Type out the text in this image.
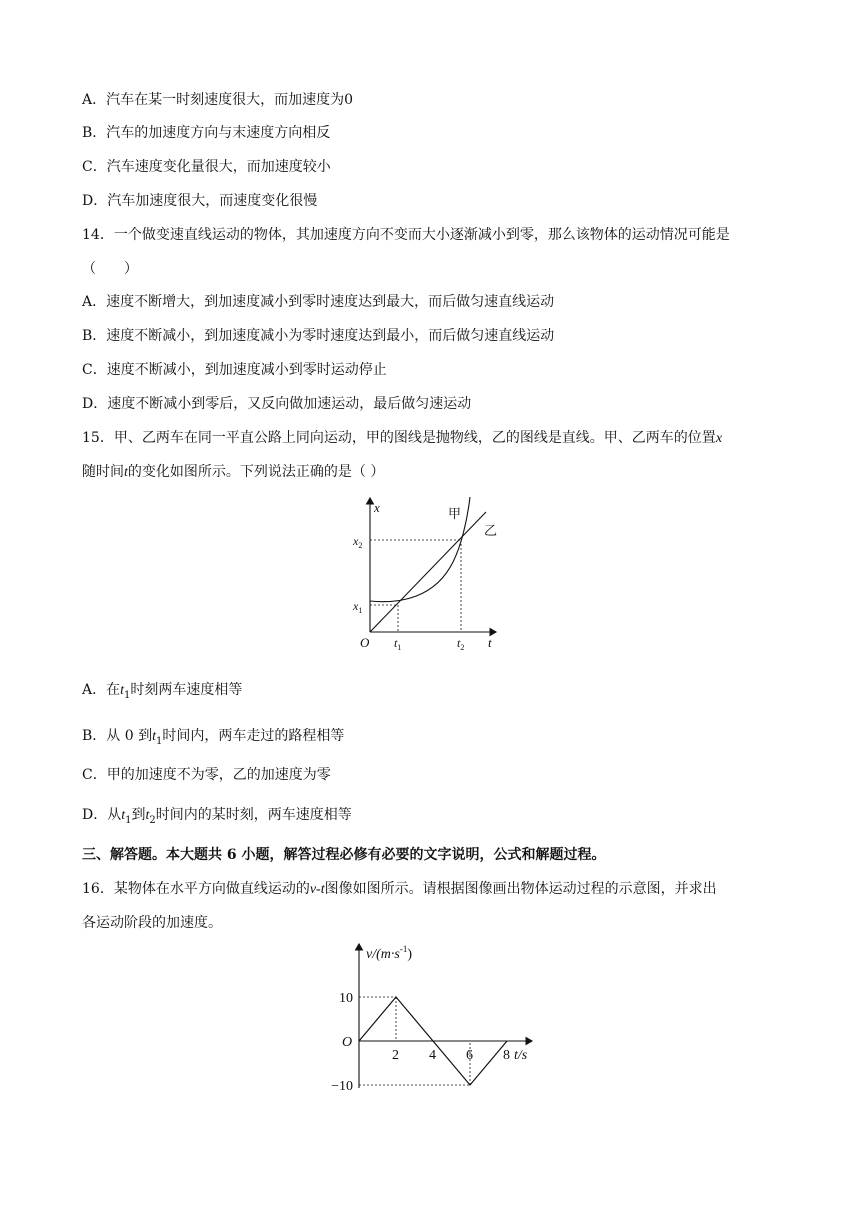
A．汽车在某一时刻速度很大，而加速度为0
B．汽车的加速度方向与末速度方向相反
C．汽车速度变化量很大，而加速度较小
D．汽车加速度很大，而速度变化很慢
14．一个做变速直线运动的物体，其加速度方向不变而大小逐渐减小到零，那么该物体的运动情况可能是
（　　）
A．速度不断增大，到加速度减小到零时速度达到最大，而后做匀速直线运动
B．速度不断减小，到加速度减小为零时速度达到最小，而后做匀速直线运动
C．速度不断减小，到加速度减小到零时运动停止
D．速度不断减小到零后，又反向做加速运动，最后做匀速运动
15．甲、乙两车在同一平直公路上同向运动，甲的图线是抛物线，乙的图线是直线。甲、乙两车的位置x
随时间t的变化如图所示。下列说法正确的是（ ）
x
t
O
甲
乙
$x_2$
$x_1$
$t_1$	$t_2$
A．在$t_1$时刻两车速度相等
B．从 0 到$t_1$时间内，两车走过的路程相等
C．甲的加速度不为零，乙的加速度为零
D．从$t_1$到$t_2$时间内的某时刻，两车速度相等
三、解答题。本大题共 6 小题，解答过程必修有必要的文字说明，公式和解题过程。
16．某物体在水平方向做直线运动的v-t图像如图所示。请根据图像画出物体运动过程的示意图，并求出
各运动阶段的加速度。
$v/(m\cdot s^{-1})$
t/s
O
2 4 6 8
10
−10
